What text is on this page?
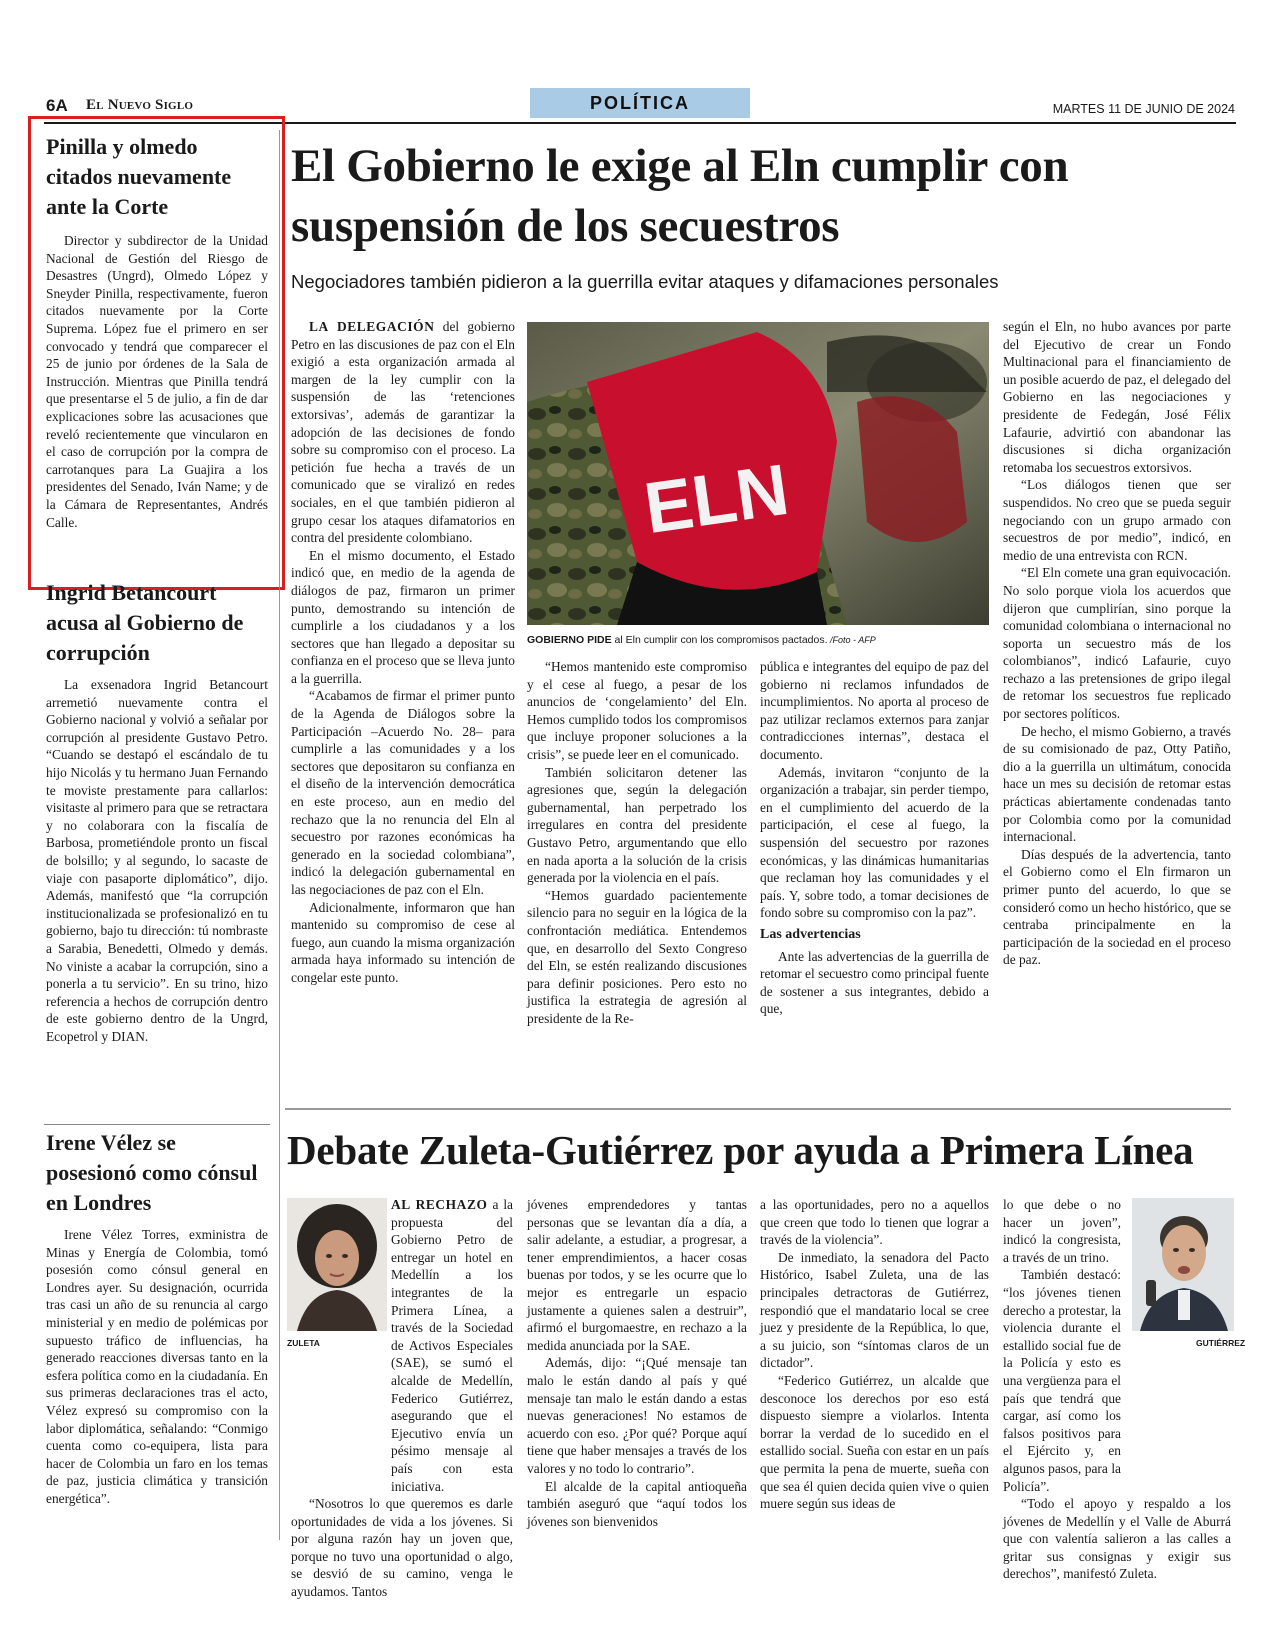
6A El Nuevo Siglo	POLÍTICA	MARTES 11 DE JUNIO DE 2024
Pinilla y olmedo citados nuevamente ante la Corte

Director y subdirector de la Unidad Nacional de Gestión del Riesgo de Desastres (Ungrd), Olmedo López y Sneyder Pinilla, respectivamente, fueron citados nuevamente por la Corte Suprema. López fue el primero en ser convocado y tendrá que comparecer el 25 de junio por órdenes de la Sala de Instrucción. Mientras que Pinilla tendrá que presentarse el 5 de julio, a fin de dar explicaciones sobre las acusaciones que reveló recientemente que vincularon en el caso de corrupción por la compra de carrotanques para La Guajira a los presidentes del Senado, Iván Name; y de la Cámara de Representantes, Andrés Calle.

Ingrid Betancourt acusa al Gobierno de corrupción

La exsenadora Ingrid Betancourt arremetió nuevamente contra el Gobierno nacional y volvió a señalar por corrupción al presidente Gustavo Petro. “Cuando se destapó el escándalo de tu hijo Nicolás y tu hermano Juan Fernando te moviste prestamente para callarlos: visitaste al primero para que se retractara y no colaborara con la fiscalía de Barbosa, prometiéndole pronto un fiscal de bolsillo; y al segundo, lo sacaste de viaje con pasaporte diplomático”, dijo. Además, manifestó que “la corrupción institucionalizada se profesionalizó en tu gobierno, bajo tu dirección: tú nombraste a Sarabia, Benedetti, Olmedo y demás. No viniste a acabar la corrupción, sino a ponerla a tu servicio”. En su trino, hizo referencia a hechos de corrupción dentro de este gobierno dentro de la Ungrd, Ecopetrol y DIAN.

Irene Vélez se posesionó como cónsul en Londres

Irene Vélez Torres, exministra de Minas y Energía de Colombia, tomó posesión como cónsul general en Londres ayer. Su designación, ocurrida tras casi un año de su renuncia al cargo ministerial y en medio de polémicas por supuesto tráfico de influencias, ha generado reacciones diversas tanto en la esfera política como en la ciudadanía. En sus primeras declaraciones tras el acto, Vélez expresó su compromiso con la labor diplomática, señalando: “Conmigo cuenta como co-equipera, lista para hacer de Colombia un faro en los temas de paz, justicia climática y transición energética”.

El Gobierno le exige al Eln cumplir con suspensión de los secuestros
Negociadores también pidieron a la guerrilla evitar ataques y difamaciones personales

LA DELEGACIÓN del gobierno Petro en las discusiones de paz con el Eln exigió a esta organización armada al margen de la ley cumplir con la suspensión de las ‘retenciones extorsivas’, además de garantizar la adopción de las decisiones de fondo sobre su compromiso con el proceso. La petición fue hecha a través de un comunicado que se viralizó en redes sociales, en el que también pidieron al grupo cesar los ataques difamatorios en contra del presidente colombiano.

En el mismo documento, el Estado indicó que, en medio de la agenda de diálogos de paz, firmaron un primer punto, demostrando su intención de cumplirle a los ciudadanos y a los sectores que han llegado a depositar su confianza en el proceso que se lleva junto a la guerrilla.

“Acabamos de firmar el primer punto de la Agenda de Diálogos sobre la Participación –Acuerdo No. 28– para cumplirle a las comunidades y a los sectores que depositaron su confianza en el diseño de la intervención democrática en este proceso, aun en medio del rechazo que la no renuncia del Eln al secuestro por razones económicas ha generado en la sociedad colombiana”, indicó la delegación gubernamental en las negociaciones de paz con el Eln.

Adicionalmente, informaron que han mantenido su compromiso de cese al fuego, aun cuando la misma organización armada haya informado su intención de congelar este punto.

ELN
GOBIERNO PIDE al Eln cumplir con los compromisos pactados. /Foto - AFP

“Hemos mantenido este compromiso y el cese al fuego, a pesar de los anuncios de ‘congelamiento’ del Eln. Hemos cumplido todos los compromisos que incluye proponer soluciones a la crisis”, se puede leer en el comunicado.

También solicitaron detener las agresiones que, según la delegación gubernamental, han perpetrado los irregulares en contra del presidente Gustavo Petro, argumentando que ello en nada aporta a la solución de la crisis generada por la violencia en el país.

“Hemos guardado pacientemente silencio para no seguir en la lógica de la confrontación mediática. Entendemos que, en desarrollo del Sexto Congreso del Eln, se estén realizando discusiones para definir posiciones. Pero esto no justifica la estrategia de agresión al presidente de la Re-

pública e integrantes del equipo de paz del gobierno ni reclamos infundados de incumplimientos. No aporta al proceso de paz utilizar reclamos externos para zanjar contradicciones internas”, destaca el documento.

Además, invitaron “conjunto de la organización a trabajar, sin perder tiempo, en el cumplimiento del acuerdo de la participación, el cese al fuego, la suspensión del secuestro por razones económicas, y las dinámicas humanitarias que reclaman hoy las comunidades y el país. Y, sobre todo, a tomar decisiones de fondo sobre su compromiso con la paz”.

Las advertencias

Ante las advertencias de la guerrilla de retomar el secuestro como principal fuente de sostener a sus integrantes, debido a que,

según el Eln, no hubo avances por parte del Ejecutivo de crear un Fondo Multinacional para el financiamiento de un posible acuerdo de paz, el delegado del Gobierno en las negociaciones y presidente de Fedegán, José Félix Lafaurie, advirtió con abandonar las discusiones si dicha organización retomaba los secuestros extorsivos.

“Los diálogos tienen que ser suspendidos. No creo que se pueda seguir negociando con un grupo armado con secuestros de por medio”, indicó, en medio de una entrevista con RCN.

“El Eln comete una gran equivocación. No solo porque viola los acuerdos que dijeron que cumplirían, sino porque la comunidad colombiana o internacional no soporta un secuestro más de los colombianos”, indicó Lafaurie, cuyo rechazo a las pretensiones de gripo ilegal de retomar los secuestros fue replicado por sectores políticos.

De hecho, el mismo Gobierno, a través de su comisionado de paz, Otty Patiño, dio a la guerrilla un ultimátum, conocida hace un mes su decisión de retomar estas prácticas abiertamente condenadas tanto por Colombia como por la comunidad internacional.

Días después de la advertencia, tanto el Gobierno como el Eln firmaron un primer punto del acuerdo, lo que se consideró como un hecho histórico, que se centraba principalmente en la participación de la sociedad en el proceso de paz.

Debate Zuleta-Gutiérrez por ayuda a Primera Línea
ZULETA

AL RECHAZO a la propuesta del Gobierno Petro de entregar un hotel en Medellín a los integrantes de la Primera Línea, a través de la Sociedad de Activos Especiales (SAE), se sumó el alcalde de Medellín, Federico Gutiérrez, asegurando que el Ejecutivo envía un pésimo mensaje al país con esta iniciativa.

“Nosotros lo que queremos es darle oportunidades de vida a los jóvenes. Si por alguna razón hay un joven que, porque no tuvo una oportunidad o algo, se desvió de su camino, venga le ayudamos. Tantos

jóvenes emprendedores y tantas personas que se levantan día a día, a salir adelante, a estudiar, a progresar, a tener emprendimientos, a hacer cosas buenas por todos, y se les ocurre que lo mejor es entregarle un espacio justamente a quienes salen a destruir”, afirmó el burgomaestre, en rechazo a la medida anunciada por la SAE.

Además, dijo: “¡Qué mensaje tan malo le están dando al país y qué mensaje tan malo le están dando a estas nuevas generaciones! No estamos de acuerdo con eso. ¿Por qué? Porque aquí tiene que haber mensajes a través de los valores y no todo lo contrario”.

El alcalde de la capital antioqueña también aseguró que “aquí todos los jóvenes son bienvenidos

a las oportunidades, pero no a aquellos que creen que todo lo tienen que lograr a través de la violencia”.

De inmediato, la senadora del Pacto Histórico, Isabel Zuleta, una de las principales detractoras de Gutiérrez, respondió que el mandatario local se cree juez y presidente de la República, lo que, a su juicio, son “síntomas claros de un dictador”.

“Federico Gutiérrez, un alcalde que desconoce los derechos por eso está dispuesto siempre a violarlos. Intenta borrar la verdad de lo sucedido en el estallido social. Sueña con estar en un país que permita la pena de muerte, sueña con que sea él quien decida quien vive o quien muere según sus ideas de

GUTIÉRREZ

lo que debe o no hacer un joven”, indicó la congresista, a través de un trino.

También destacó: “los jóvenes tienen derecho a protestar, la violencia durante el estallido social fue de la Policía y esto es una vergüenza para el país que tendrá que cargar, así como los falsos positivos para el Ejército y, en algunos pasos, para la Policía”.

“Todo el apoyo y respaldo a los jóvenes de Medellín y el Valle de Aburrá que con valentía salieron a las calles a gritar sus consignas y exigir sus derechos”, manifestó Zuleta.
